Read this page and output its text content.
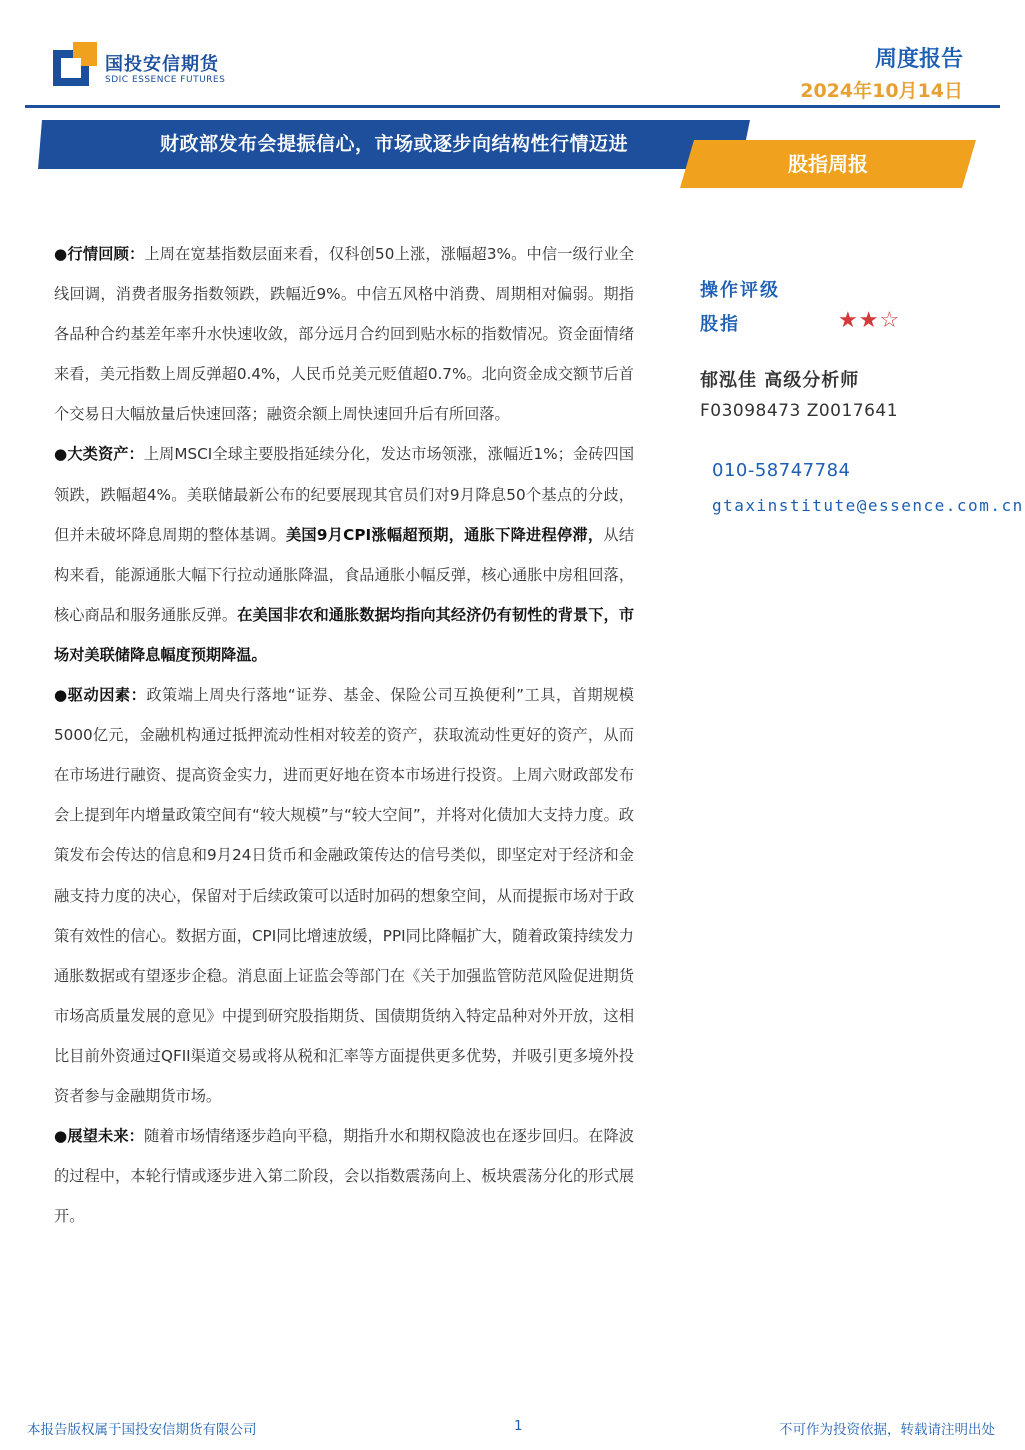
国投安信期货
SDIC ESSENCE FUTURES
周度报告
2024年10月14日
财政部发布会提振信心，市场或逐步向结构性行情迈进
股指周报

●行情回顾：上周在宽基指数层面来看，仅科创50上涨，涨幅超3%。中信一级行业全线回调，消费者服务指数领跌，跌幅近9%。中信五风格中消费、周期相对偏弱。期指各品种合约基差年率升水快速收敛，部分远月合约回到贴水标的指数情况。资金面情绪来看，美元指数上周反弹超0.4%，人民币兑美元贬值超0.7%。北向资金成交额节后首个交易日大幅放量后快速回落；融资余额上周快速回升后有所回落。

●大类资产：上周MSCI全球主要股指延续分化，发达市场领涨，涨幅近1%；金砖四国领跌，跌幅超4%。美联储最新公布的纪要展现其官员们对9月降息50个基点的分歧，但并未破坏降息周期的整体基调。美国9月CPI涨幅超预期，通胀下降进程停滞，从结构来看，能源通胀大幅下行拉动通胀降温，食品通胀小幅反弹，核心通胀中房租回落，核心商品和服务通胀反弹。在美国非农和通胀数据均指向其经济仍有韧性的背景下，市场对美联储降息幅度预期降温。

●驱动因素：政策端上周央行落地“证券、基金、保险公司互换便利”工具，首期规模5000亿元，金融机构通过抵押流动性相对较差的资产，获取流动性更好的资产，从而在市场进行融资、提高资金实力，进而更好地在资本市场进行投资。上周六财政部发布会上提到年内增量政策空间有“较大规模”与“较大空间”，并将对化债加大支持力度。政策发布会传达的信息和9月24日货币和金融政策传达的信号类似，即坚定对于经济和金融支持力度的决心，保留对于后续政策可以适时加码的想象空间，从而提振市场对于政策有效性的信心。数据方面，CPI同比增速放缓，PPI同比降幅扩大，随着政策持续发力通胀数据或有望逐步企稳。消息面上证监会等部门在《关于加强监管防范风险促进期货市场高质量发展的意见》中提到研究股指期货、国债期货纳入特定品种对外开放，这相比目前外资通过QFII渠道交易或将从税和汇率等方面提供更多优势，并吸引更多境外投资者参与金融期货市场。

●展望未来：随着市场情绪逐步趋向平稳，期指升水和期权隐波也在逐步回归。在降波的过程中，本轮行情或逐步进入第二阶段，会以指数震荡向上、板块震荡分化的形式展开。

操作评级
股指	★★☆
郁泓佳 高级分析师
F03098473 Z0017641
010-58747784
gtaxinstitute@essence.com.cn
本报告版权属于国投安信期货有限公司	1	不可作为投资依据，转载请注明出处
